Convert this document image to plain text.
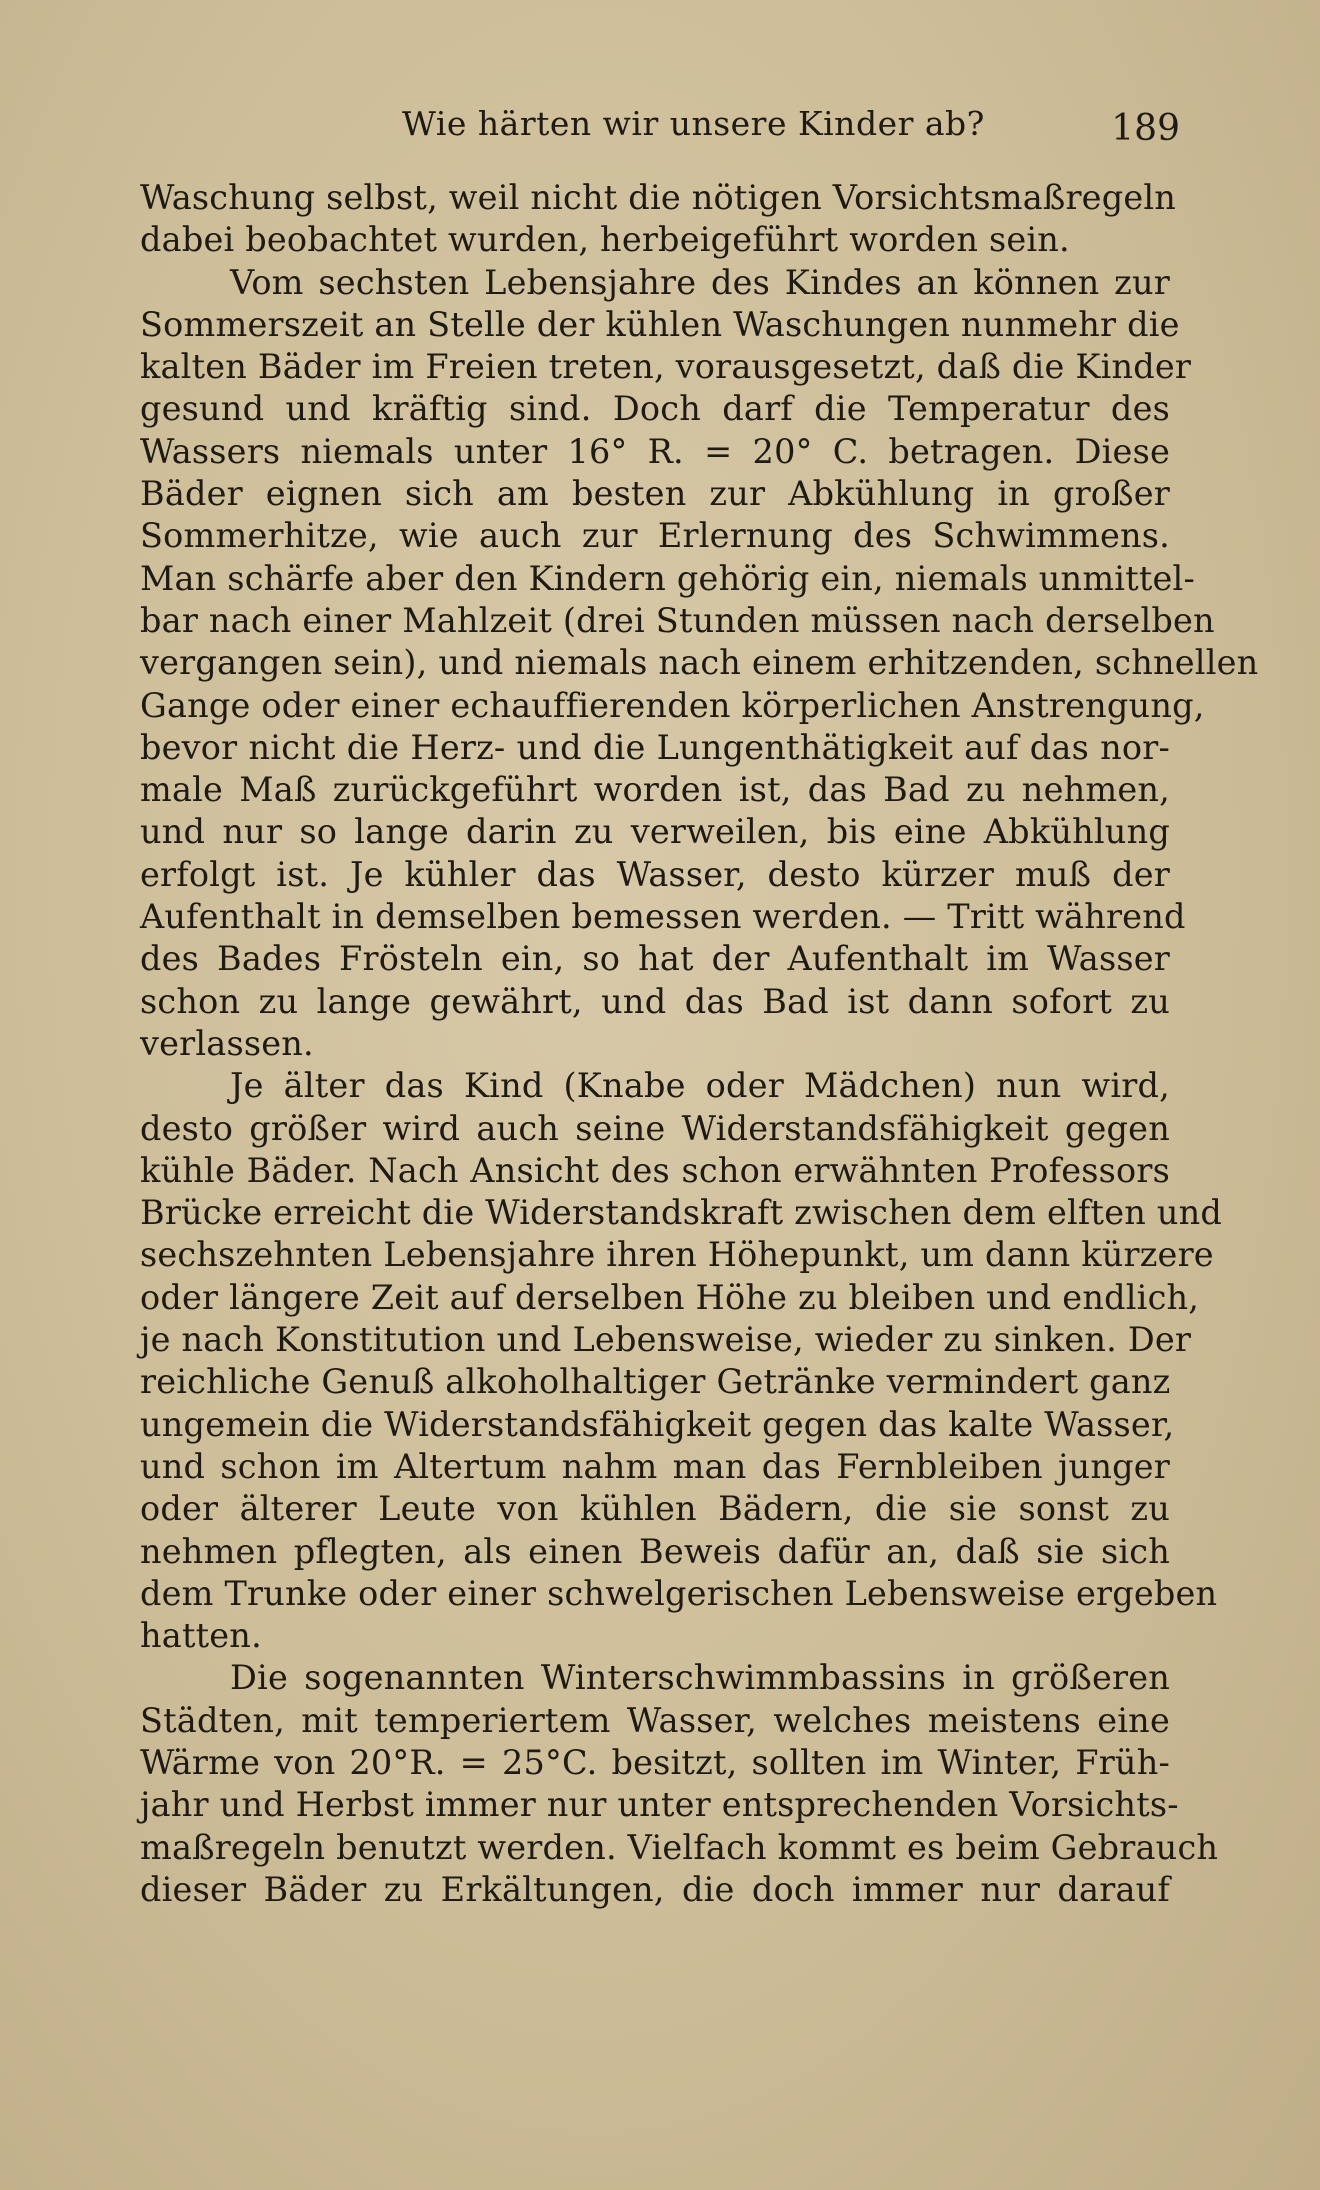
Wie härten wir unsere Kinder ab?	189
Waschung selbst, weil nicht die nötigen Vorsichtsmaßregeln
dabei beobachtet wurden, herbeigeführt worden sein.
Vom sechsten Lebensjahre des Kindes an können zur
Sommerszeit an Stelle der kühlen Waschungen nunmehr die
kalten Bäder im Freien treten, vorausgesetzt, daß die Kinder
gesund und kräftig sind. Doch darf die Temperatur des
Wassers niemals unter 16° R. = 20° C. betragen. Diese
Bäder eignen sich am besten zur Abkühlung in großer
Sommerhitze, wie auch zur Erlernung des Schwimmens.
Man schärfe aber den Kindern gehörig ein, niemals unmittel-
bar nach einer Mahlzeit (drei Stunden müssen nach derselben
vergangen sein), und niemals nach einem erhitzenden, schnellen
Gange oder einer echauffierenden körperlichen Anstrengung,
bevor nicht die Herz- und die Lungenthätigkeit auf das nor-
male Maß zurückgeführt worden ist, das Bad zu nehmen,
und nur so lange darin zu verweilen, bis eine Abkühlung
erfolgt ist. Je kühler das Wasser, desto kürzer muß der
Aufenthalt in demselben bemessen werden. — Tritt während
des Bades Frösteln ein, so hat der Aufenthalt im Wasser
schon zu lange gewährt, und das Bad ist dann sofort zu
verlassen.
Je älter das Kind (Knabe oder Mädchen) nun wird,
desto größer wird auch seine Widerstandsfähigkeit gegen
kühle Bäder. Nach Ansicht des schon erwähnten Professors
Brücke erreicht die Widerstandskraft zwischen dem elften und
sechszehnten Lebensjahre ihren Höhepunkt, um dann kürzere
oder längere Zeit auf derselben Höhe zu bleiben und endlich,
je nach Konstitution und Lebensweise, wieder zu sinken. Der
reichliche Genuß alkoholhaltiger Getränke vermindert ganz
ungemein die Widerstandsfähigkeit gegen das kalte Wasser,
und schon im Altertum nahm man das Fernbleiben junger
oder älterer Leute von kühlen Bädern, die sie sonst zu
nehmen pflegten, als einen Beweis dafür an, daß sie sich
dem Trunke oder einer schwelgerischen Lebensweise ergeben
hatten.
Die sogenannten Winterschwimmbassins in größeren
Städten, mit temperiertem Wasser, welches meistens eine
Wärme von 20°R. = 25°C. besitzt, sollten im Winter, Früh-
jahr und Herbst immer nur unter entsprechenden Vorsichts-
maßregeln benutzt werden. Vielfach kommt es beim Gebrauch
dieser Bäder zu Erkältungen, die doch immer nur darauf
